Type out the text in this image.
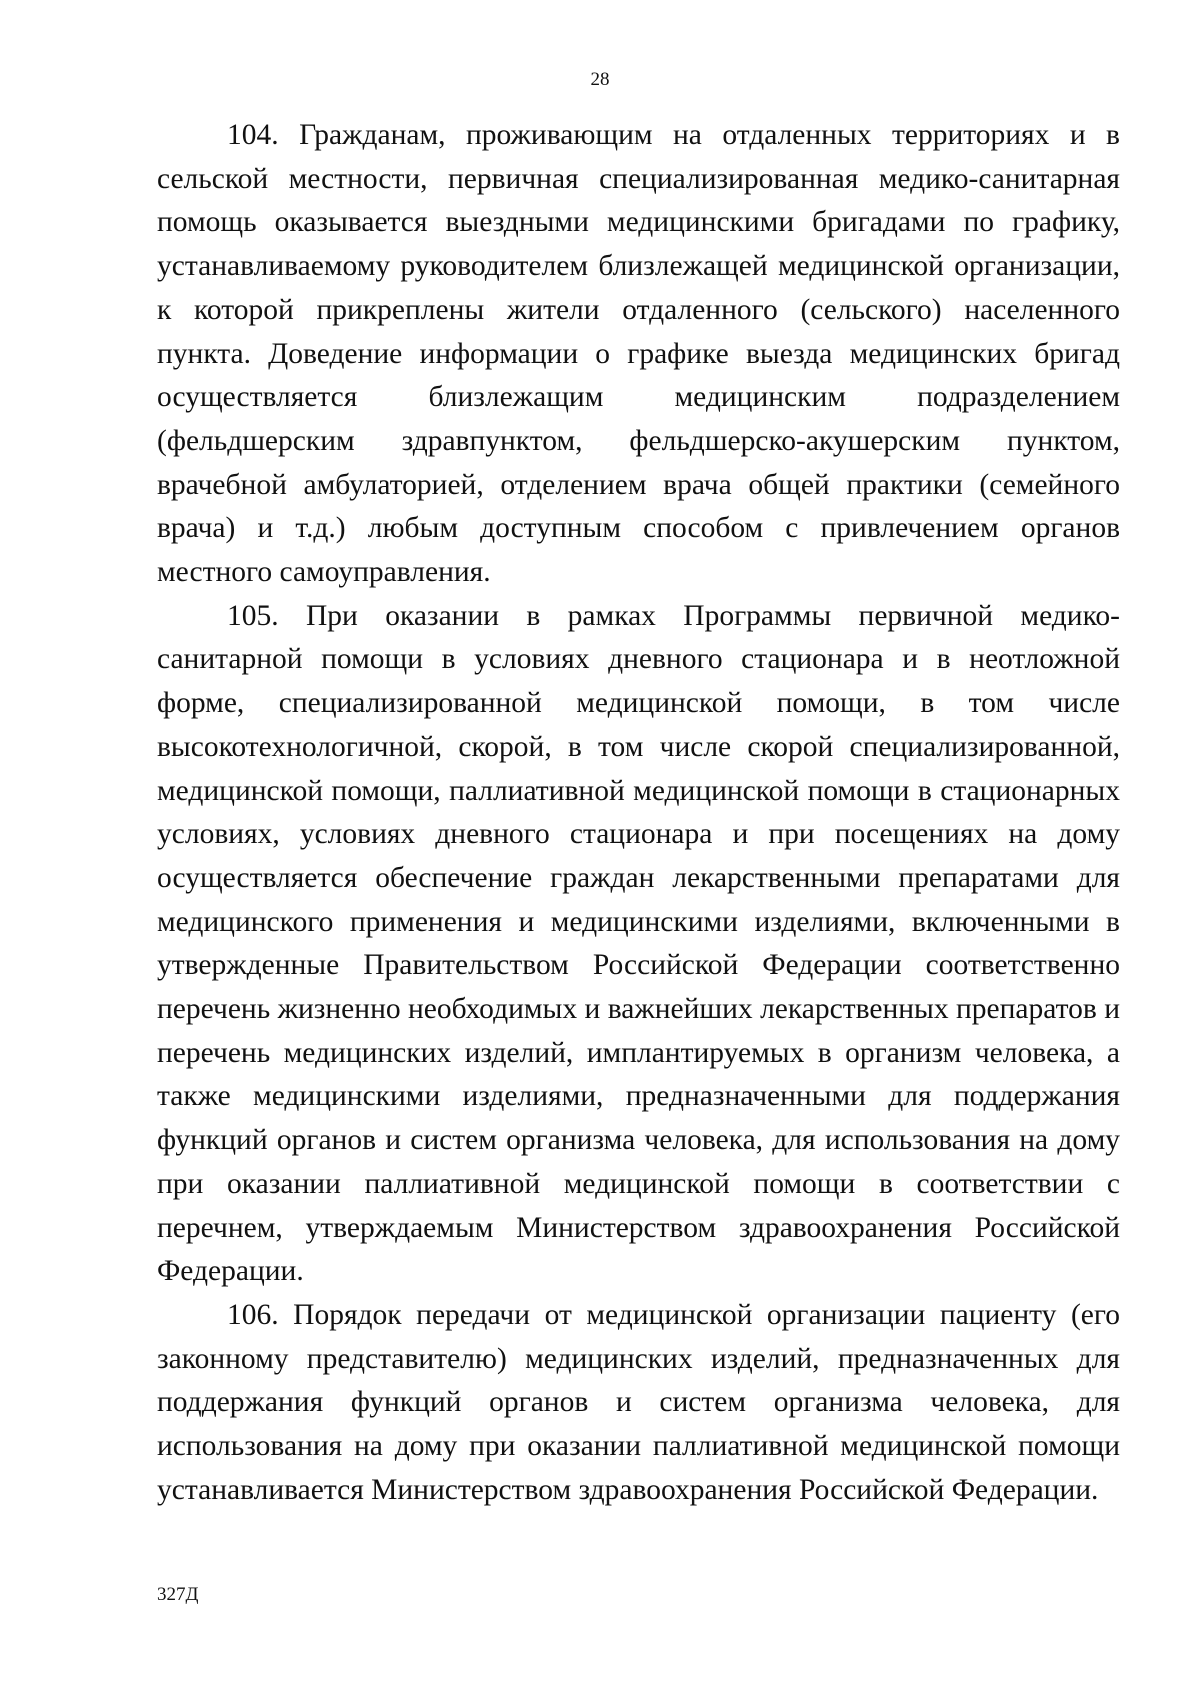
28

104. Гражданам, проживающим на отдаленных территориях и в сельской местности, первичная специализированная медико-санитарная помощь оказывается выездными медицинскими бригадами по графику, устанавливаемому руководителем близлежащей медицинской организации, к которой прикреплены жители отдаленного (сельского) населенного пункта. Доведение информации о графике выезда медицинских бригад осуществляется близлежащим медицинским подразделением (фельдшерским здравпунктом, фельдшерско-акушерским пунктом, врачебной амбулаторией, отделением врача общей практики (семейного врача) и т.д.) любым доступным способом с привлечением органов местного самоуправления.

105. При оказании в рамках Программы первичной медико-санитарной помощи в условиях дневного стационара и в неотложной форме, специализированной медицинской помощи, в том числе высокотехнологичной, скорой, в том числе скорой специализированной, медицинской помощи, паллиативной медицинской помощи в стационарных условиях, условиях дневного стационара и при посещениях на дому осуществляется обеспечение граждан лекарственными препаратами для медицинского применения и медицинскими изделиями, включенными в утвержденные Правительством Российской Федерации соответственно перечень жизненно необходимых и важнейших лекарственных препаратов и перечень медицинских изделий, имплантируемых в организм человека, а также медицинскими изделиями, предназначенными для поддержания функций органов и систем организма человека, для использования на дому при оказании паллиативной медицинской помощи в соответствии с перечнем, утверждаемым Министерством здравоохранения Российской Федерации.

106. Порядок передачи от медицинской организации пациенту (его законному представителю) медицинских изделий, предназначенных для поддержания функций органов и систем организма человека, для использования на дому при оказании паллиативной медицинской помощи устанавливается Министерством здравоохранения Российской Федерации.

327Д
